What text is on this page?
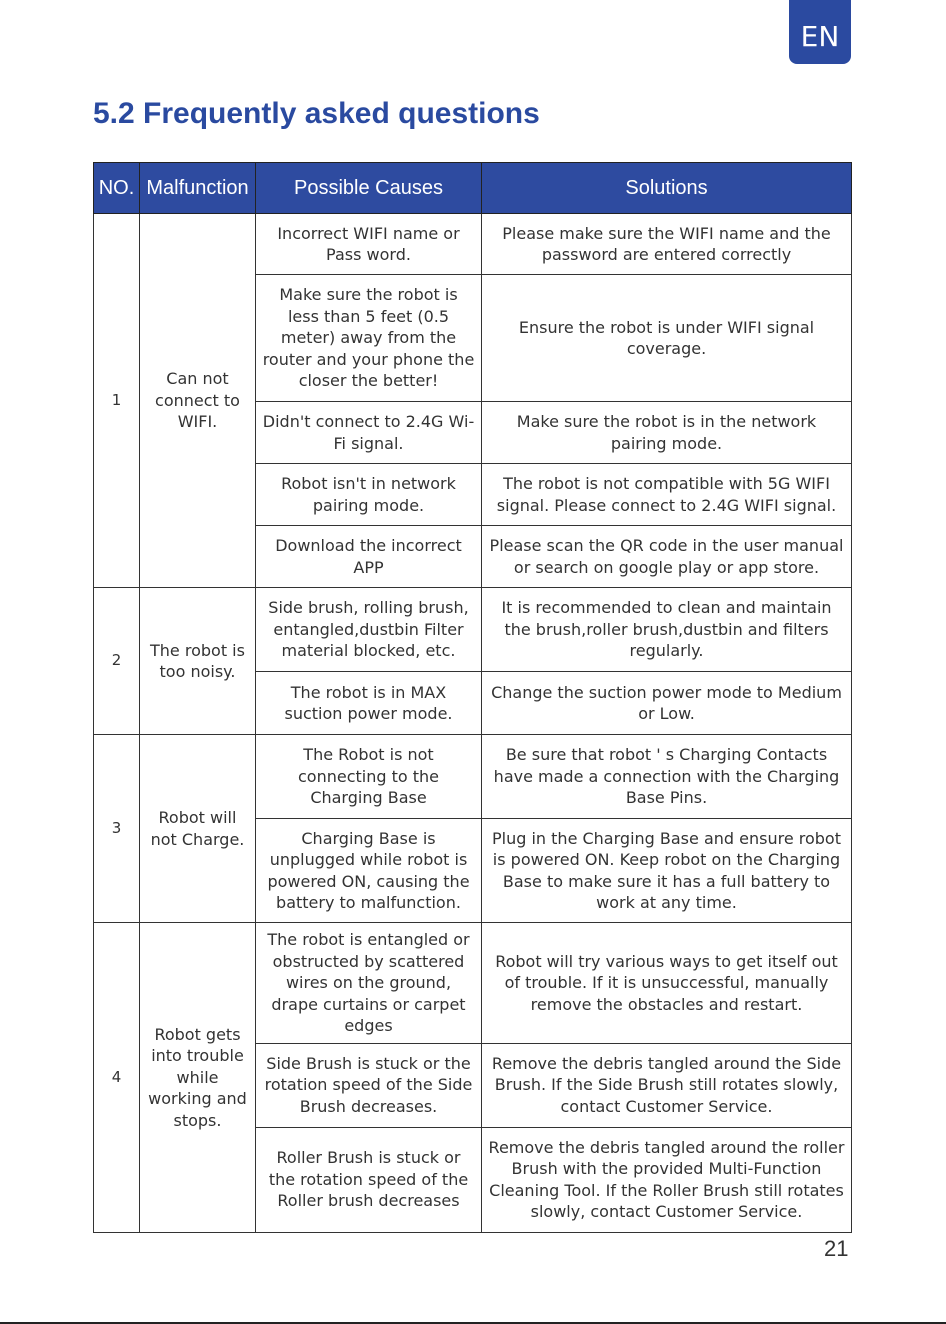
EN
5.2 Frequently asked questions
NO.	Malfunction	Possible Causes	Solutions
1	Can not connect to WIFI.	Incorrect WIFI name or Pass word.	Please make sure the WIFI name and the password are entered correctly
		Make sure the robot is less than 5 feet (0.5 meter) away from the router and your phone the closer the better!	Ensure the robot is under WIFI signal coverage.
		Didn't connect to 2.4G Wi-Fi signal.	Make sure the robot is in the network pairing mode.
		Robot isn't in network pairing mode.	The robot is not compatible with 5G WIFI signal. Please connect to 2.4G WIFI signal.
		Download the incorrect APP	Please scan the QR code in the user manual or search on google play or app store.
2	The robot is too noisy.	Side brush, rolling brush, entangled,dustbin Filter material blocked, etc.	It is recommended to clean and maintain the brush,roller brush,dustbin and filters regularly.
		The robot is in MAX suction power mode.	Change the suction power mode to Medium or Low.
3	Robot will not Charge.	The Robot is not connecting to the Charging Base	Be sure that robot ' s Charging Contacts have made a connection with the Charging Base Pins.
		Charging Base is unplugged while robot is powered ON, causing the battery to malfunction.	Plug in the Charging Base and ensure robot is powered ON. Keep robot on the Charging Base to make sure it has a full battery to work at any time.
4	Robot gets into trouble while working and stops.	The robot is entangled or obstructed by scattered wires on the ground, drape curtains or carpet edges	Robot will try various ways to get itself out of trouble. If it is unsuccessful, manually remove the obstacles and restart.
		Side Brush is stuck or the rotation speed of the Side Brush decreases.	Remove the debris tangled around the Side Brush. If the Side Brush still rotates slowly, contact Customer Service.
		Roller Brush is stuck or the rotation speed of the Roller brush decreases	Remove the debris tangled around the roller Brush with the provided Multi-Function Cleaning Tool. If the Roller Brush still rotates slowly, contact Customer Service.
21
